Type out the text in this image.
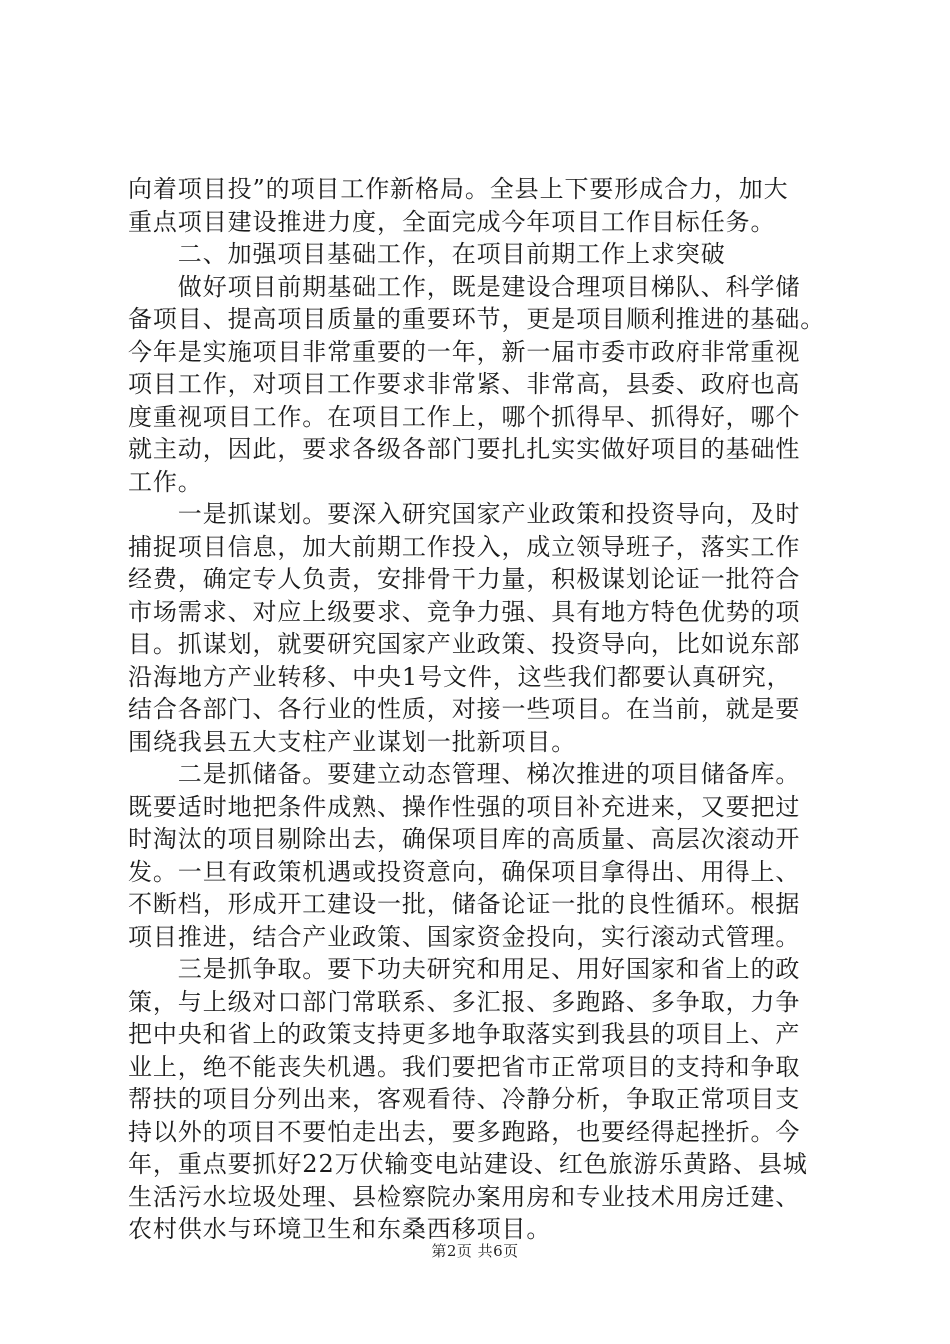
向着项目投”的项目工作新格局。全县上下要形成合力，加大
重点项目建设推进力度，全面完成今年项目工作目标任务。
　　二、加强项目基础工作，在项目前期工作上求突破
　　做好项目前期基础工作，既是建设合理项目梯队、科学储
备项目、提高项目质量的重要环节，更是项目顺利推进的基础。
今年是实施项目非常重要的一年，新一届市委市政府非常重视
项目工作，对项目工作要求非常紧、非常高，县委、政府也高
度重视项目工作。在项目工作上，哪个抓得早、抓得好，哪个
就主动，因此，要求各级各部门要扎扎实实做好项目的基础性
工作。
　　一是抓谋划。要深入研究国家产业政策和投资导向，及时
捕捉项目信息，加大前期工作投入，成立领导班子，落实工作
经费，确定专人负责，安排骨干力量，积极谋划论证一批符合
市场需求、对应上级要求、竞争力强、具有地方特色优势的项
目。抓谋划，就要研究国家产业政策、投资导向，比如说东部
沿海地方产业转移、中央1号文件，这些我们都要认真研究，
结合各部门、各行业的性质，对接一些项目。在当前，就是要
围绕我县五大支柱产业谋划一批新项目。
　　二是抓储备。要建立动态管理、梯次推进的项目储备库。
既要适时地把条件成熟、操作性强的项目补充进来，又要把过
时淘汰的项目剔除出去，确保项目库的高质量、高层次滚动开
发。一旦有政策机遇或投资意向，确保项目拿得出、用得上、
不断档，形成开工建设一批，储备论证一批的良性循环。根据
项目推进，结合产业政策、国家资金投向，实行滚动式管理。
　　三是抓争取。要下功夫研究和用足、用好国家和省上的政
策，与上级对口部门常联系、多汇报、多跑路、多争取，力争
把中央和省上的政策支持更多地争取落实到我县的项目上、产
业上，绝不能丧失机遇。我们要把省市正常项目的支持和争取
帮扶的项目分列出来，客观看待、冷静分析，争取正常项目支
持以外的项目不要怕走出去，要多跑路，也要经得起挫折。今
年，重点要抓好22万伏输变电站建设、红色旅游乐黄路、县城
生活污水垃圾处理、县检察院办案用房和专业技术用房迁建、
农村供水与环境卫生和东桑西移项目。
第2页 共6页
